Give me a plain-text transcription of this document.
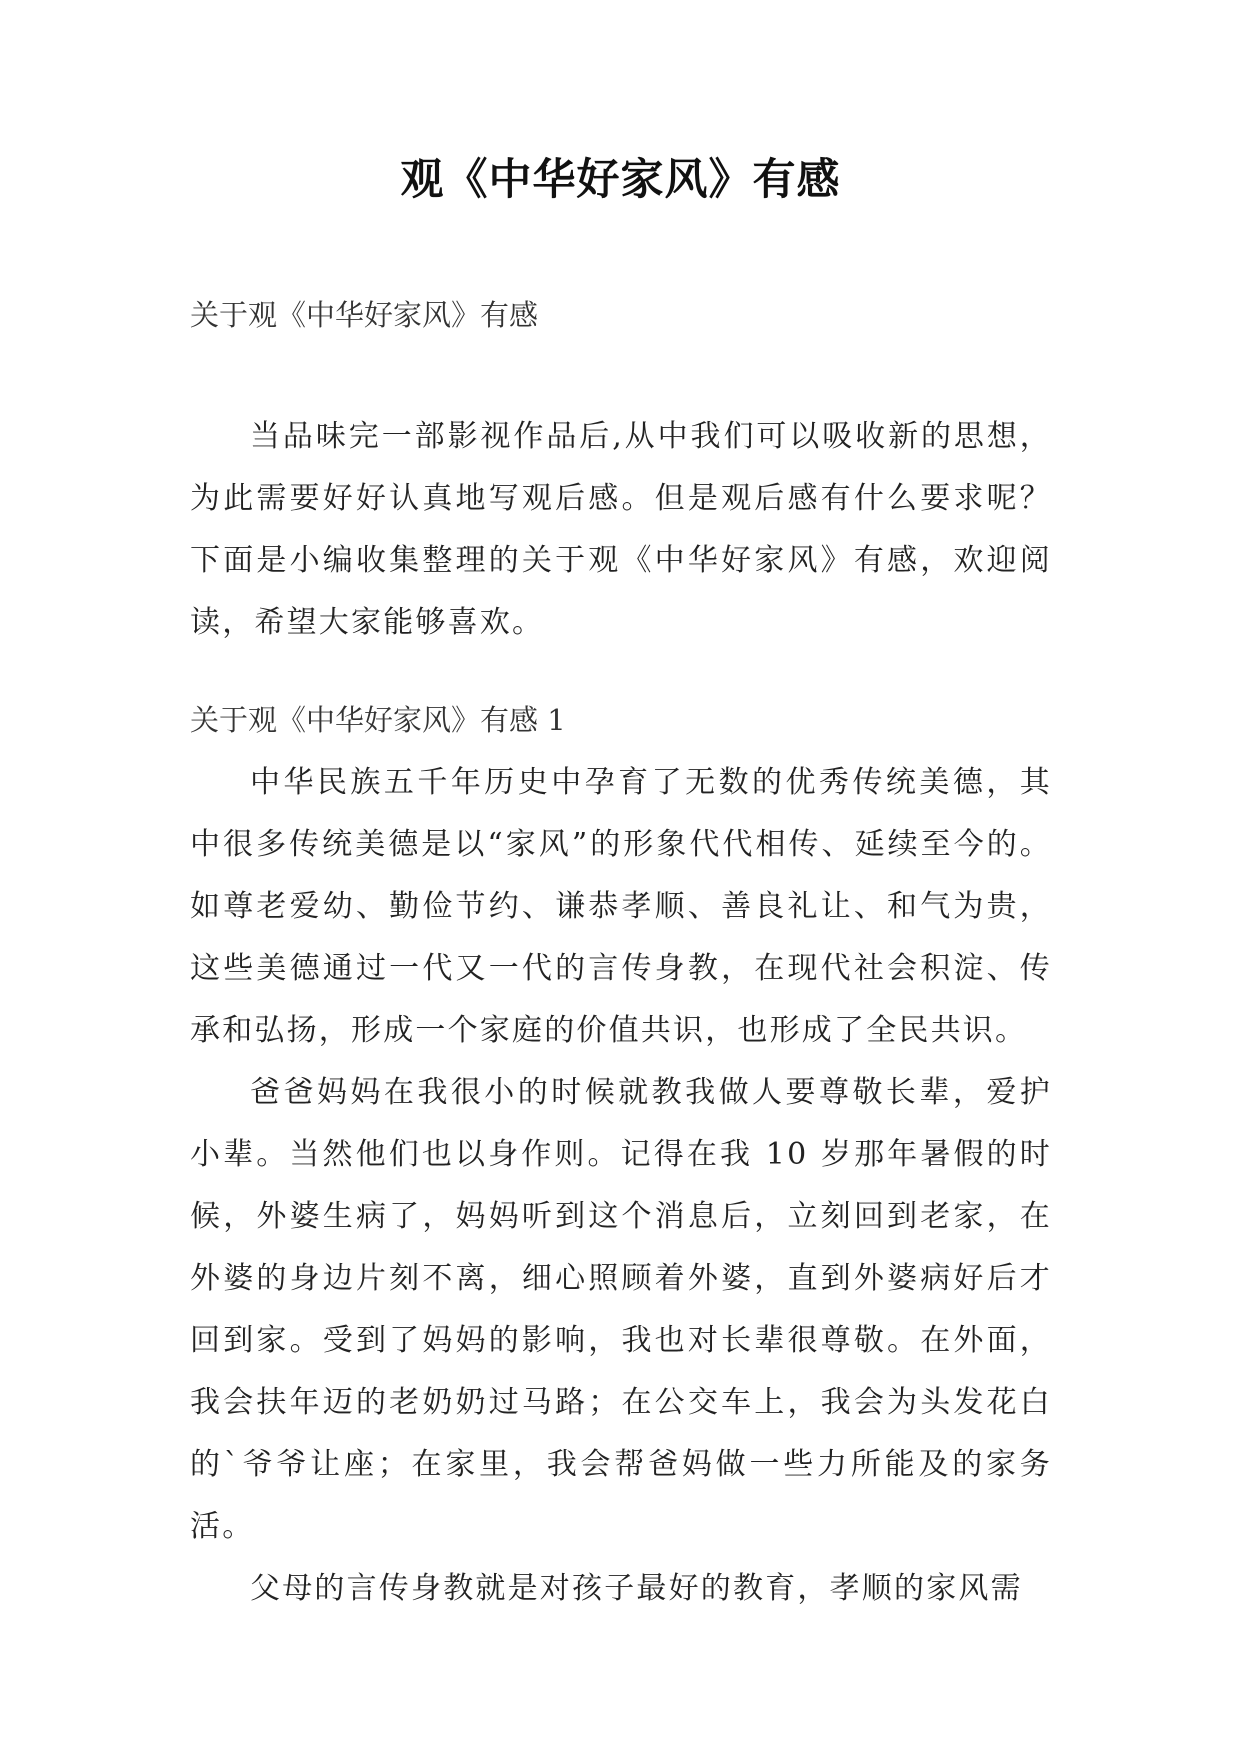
观《中华好家风》有感
关于观《中华好家风》有感

当品味完一部影视作品后,从中我们可以吸收新的思想，为此需要好好认真地写观后感。但是观后感有什么要求呢？下面是小编收集整理的关于观《中华好家风》有感，欢迎阅读，希望大家能够喜欢。

关于观《中华好家风》有感 1

中华民族五千年历史中孕育了无数的优秀传统美德，其中很多传统美德是以“家风”的形象代代相传、延续至今的。如尊老爱幼、勤俭节约、谦恭孝顺、善良礼让、和气为贵，这些美德通过一代又一代的言传身教，在现代社会积淀、传承和弘扬，形成一个家庭的价值共识，也形成了全民共识。

爸爸妈妈在我很小的时候就教我做人要尊敬长辈，爱护小辈。当然他们也以身作则。记得在我 10 岁那年暑假的时候，外婆生病了，妈妈听到这个消息后，立刻回到老家，在外婆的身边片刻不离，细心照顾着外婆，直到外婆病好后才回到家。受到了妈妈的影响，我也对长辈很尊敬。在外面，我会扶年迈的老奶奶过马路；在公交车上，我会为头发花白的`爷爷让座；在家里，我会帮爸妈做一些力所能及的家务活。

父母的言传身教就是对孩子最好的教育，孝顺的家风需
